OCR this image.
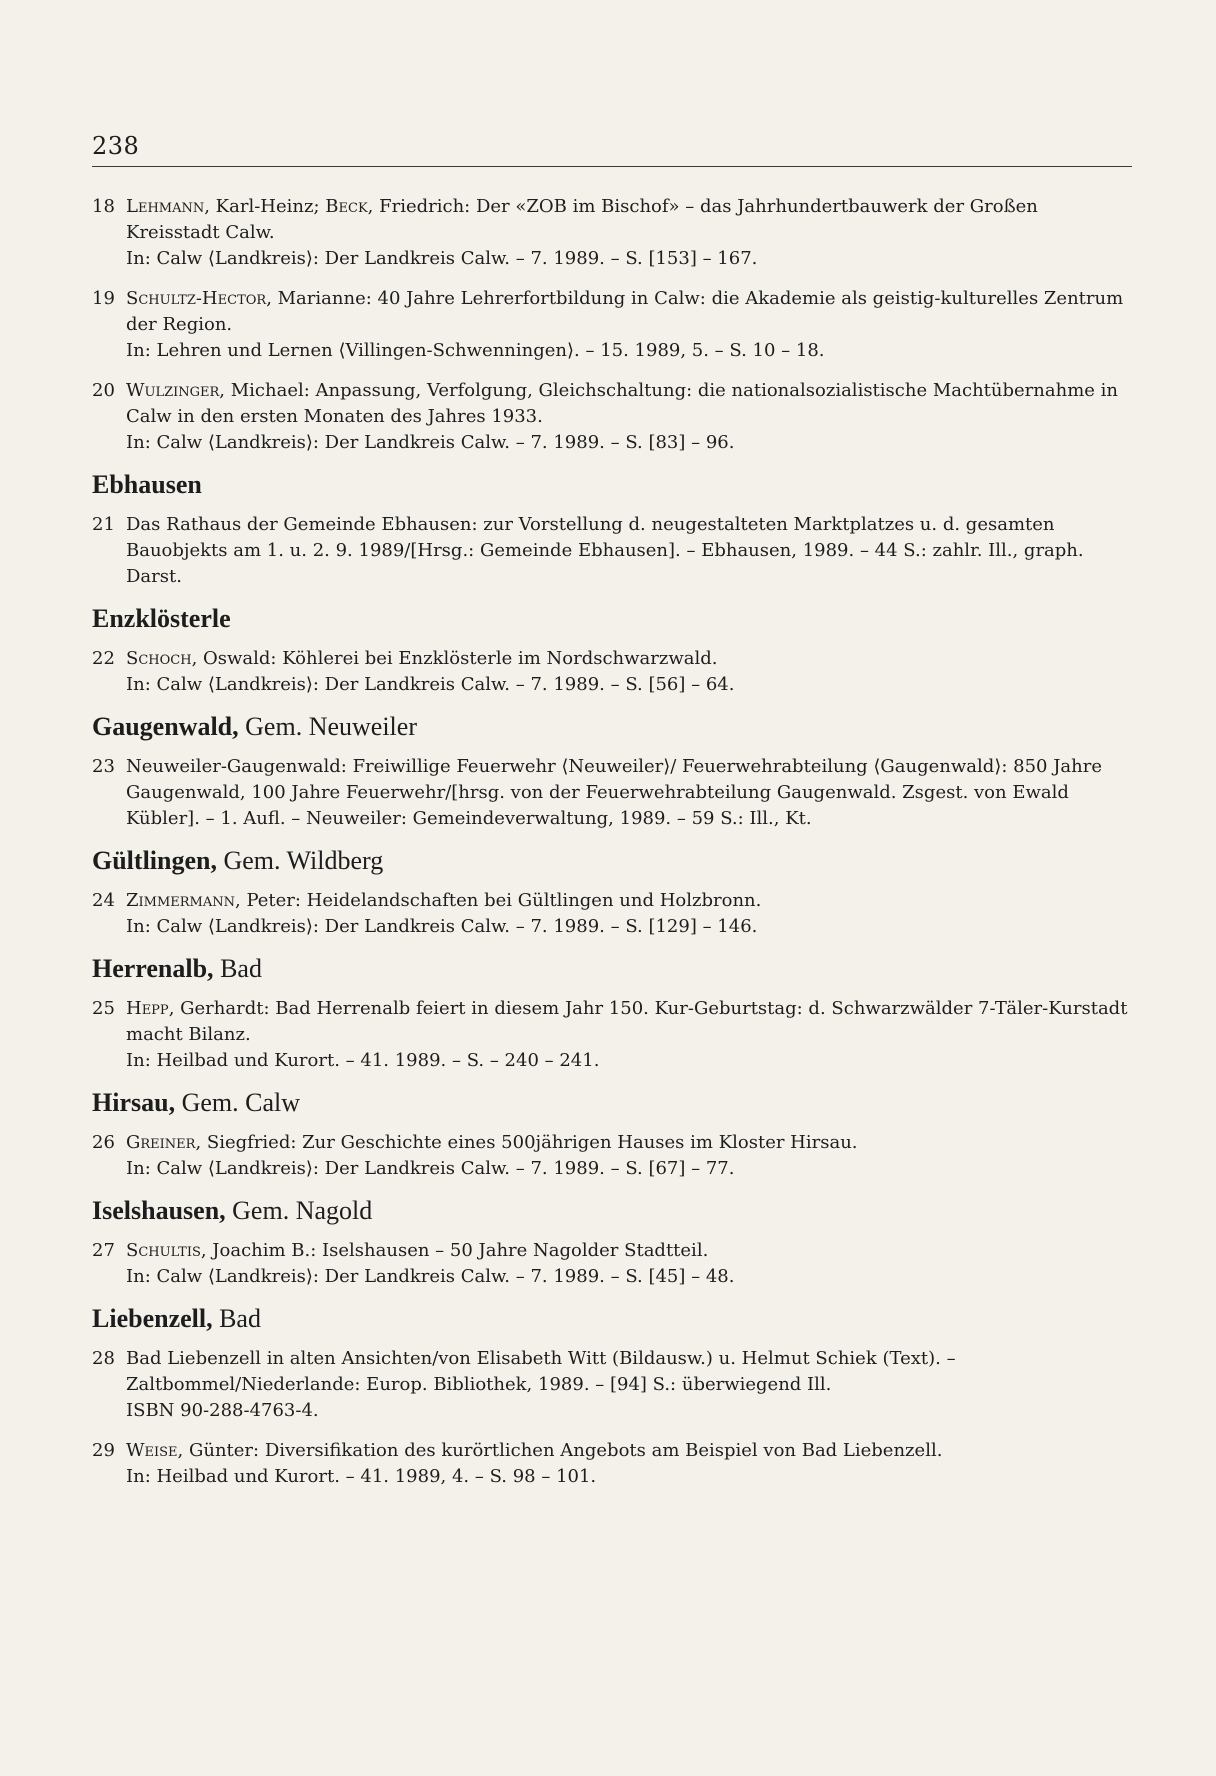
238
18 Lehmann, Karl-Heinz; Beck, Friedrich: Der «ZOB im Bischof» – das Jahrhundertbauwerk der Großen Kreisstadt Calw.
In: Calw ⟨Landkreis⟩: Der Landkreis Calw. – 7. 1989. – S. [153] – 167.
19 Schultz-Hector, Marianne: 40 Jahre Lehrerfortbildung in Calw: die Akademie als geistig-kulturelles Zentrum der Region.
In: Lehren und Lernen ⟨Villingen-Schwenningen⟩. – 15. 1989, 5. – S. 10 – 18.
20 Wulzinger, Michael: Anpassung, Verfolgung, Gleichschaltung: die nationalsozialistische Machtübernahme in Calw in den ersten Monaten des Jahres 1933.
In: Calw ⟨Landkreis⟩: Der Landkreis Calw. – 7. 1989. – S. [83] – 96.
Ebhausen
21 Das Rathaus der Gemeinde Ebhausen: zur Vorstellung d. neugestalteten Marktplatzes u. d. gesamten Bauobjekts am 1. u. 2. 9. 1989/[Hrsg.: Gemeinde Ebhausen]. – Ebhausen, 1989. – 44 S.: zahlr. Ill., graph. Darst.
Enzklösterle
22 Schoch, Oswald: Köhlerei bei Enzklösterle im Nordschwarzwald.
In: Calw ⟨Landkreis⟩: Der Landkreis Calw. – 7. 1989. – S. [56] – 64.
Gaugenwald, Gem. Neuweiler
23 Neuweiler-Gaugenwald: Freiwillige Feuerwehr ⟨Neuweiler⟩/ Feuerwehrabteilung ⟨Gaugenwald⟩: 850 Jahre Gaugenwald, 100 Jahre Feuerwehr/[hrsg. von der Feuerwehrabteilung Gaugenwald. Zsgest. von Ewald Kübler]. – 1. Aufl. – Neuweiler: Gemeindeverwaltung, 1989. – 59 S.: Ill., Kt.
Gültlingen, Gem. Wildberg
24 Zimmermann, Peter: Heidelandschaften bei Gültlingen und Holzbronn.
In: Calw ⟨Landkreis⟩: Der Landkreis Calw. – 7. 1989. – S. [129] – 146.
Herrenalb, Bad
25 Hepp, Gerhardt: Bad Herrenalb feiert in diesem Jahr 150. Kur-Geburtstag: d. Schwarzwälder 7-Täler-Kurstadt macht Bilanz.
In: Heilbad und Kurort. – 41. 1989. – S. – 240 – 241.
Hirsau, Gem. Calw
26 Greiner, Siegfried: Zur Geschichte eines 500jährigen Hauses im Kloster Hirsau.
In: Calw ⟨Landkreis⟩: Der Landkreis Calw. – 7. 1989. – S. [67] – 77.
Iselshausen, Gem. Nagold
27 Schultis, Joachim B.: Iselshausen – 50 Jahre Nagolder Stadtteil.
In: Calw ⟨Landkreis⟩: Der Landkreis Calw. – 7. 1989. – S. [45] – 48.
Liebenzell, Bad
28 Bad Liebenzell in alten Ansichten/von Elisabeth Witt (Bildausw.) u. Helmut Schiek (Text). – Zaltbommel/Niederlande: Europ. Bibliothek, 1989. – [94] S.: überwiegend Ill.
ISBN 90-288-4763-4.
29 Weise, Günter: Diversifikation des kurörtlichen Angebots am Beispiel von Bad Liebenzell.
In: Heilbad und Kurort. – 41. 1989, 4. – S. 98 – 101.
